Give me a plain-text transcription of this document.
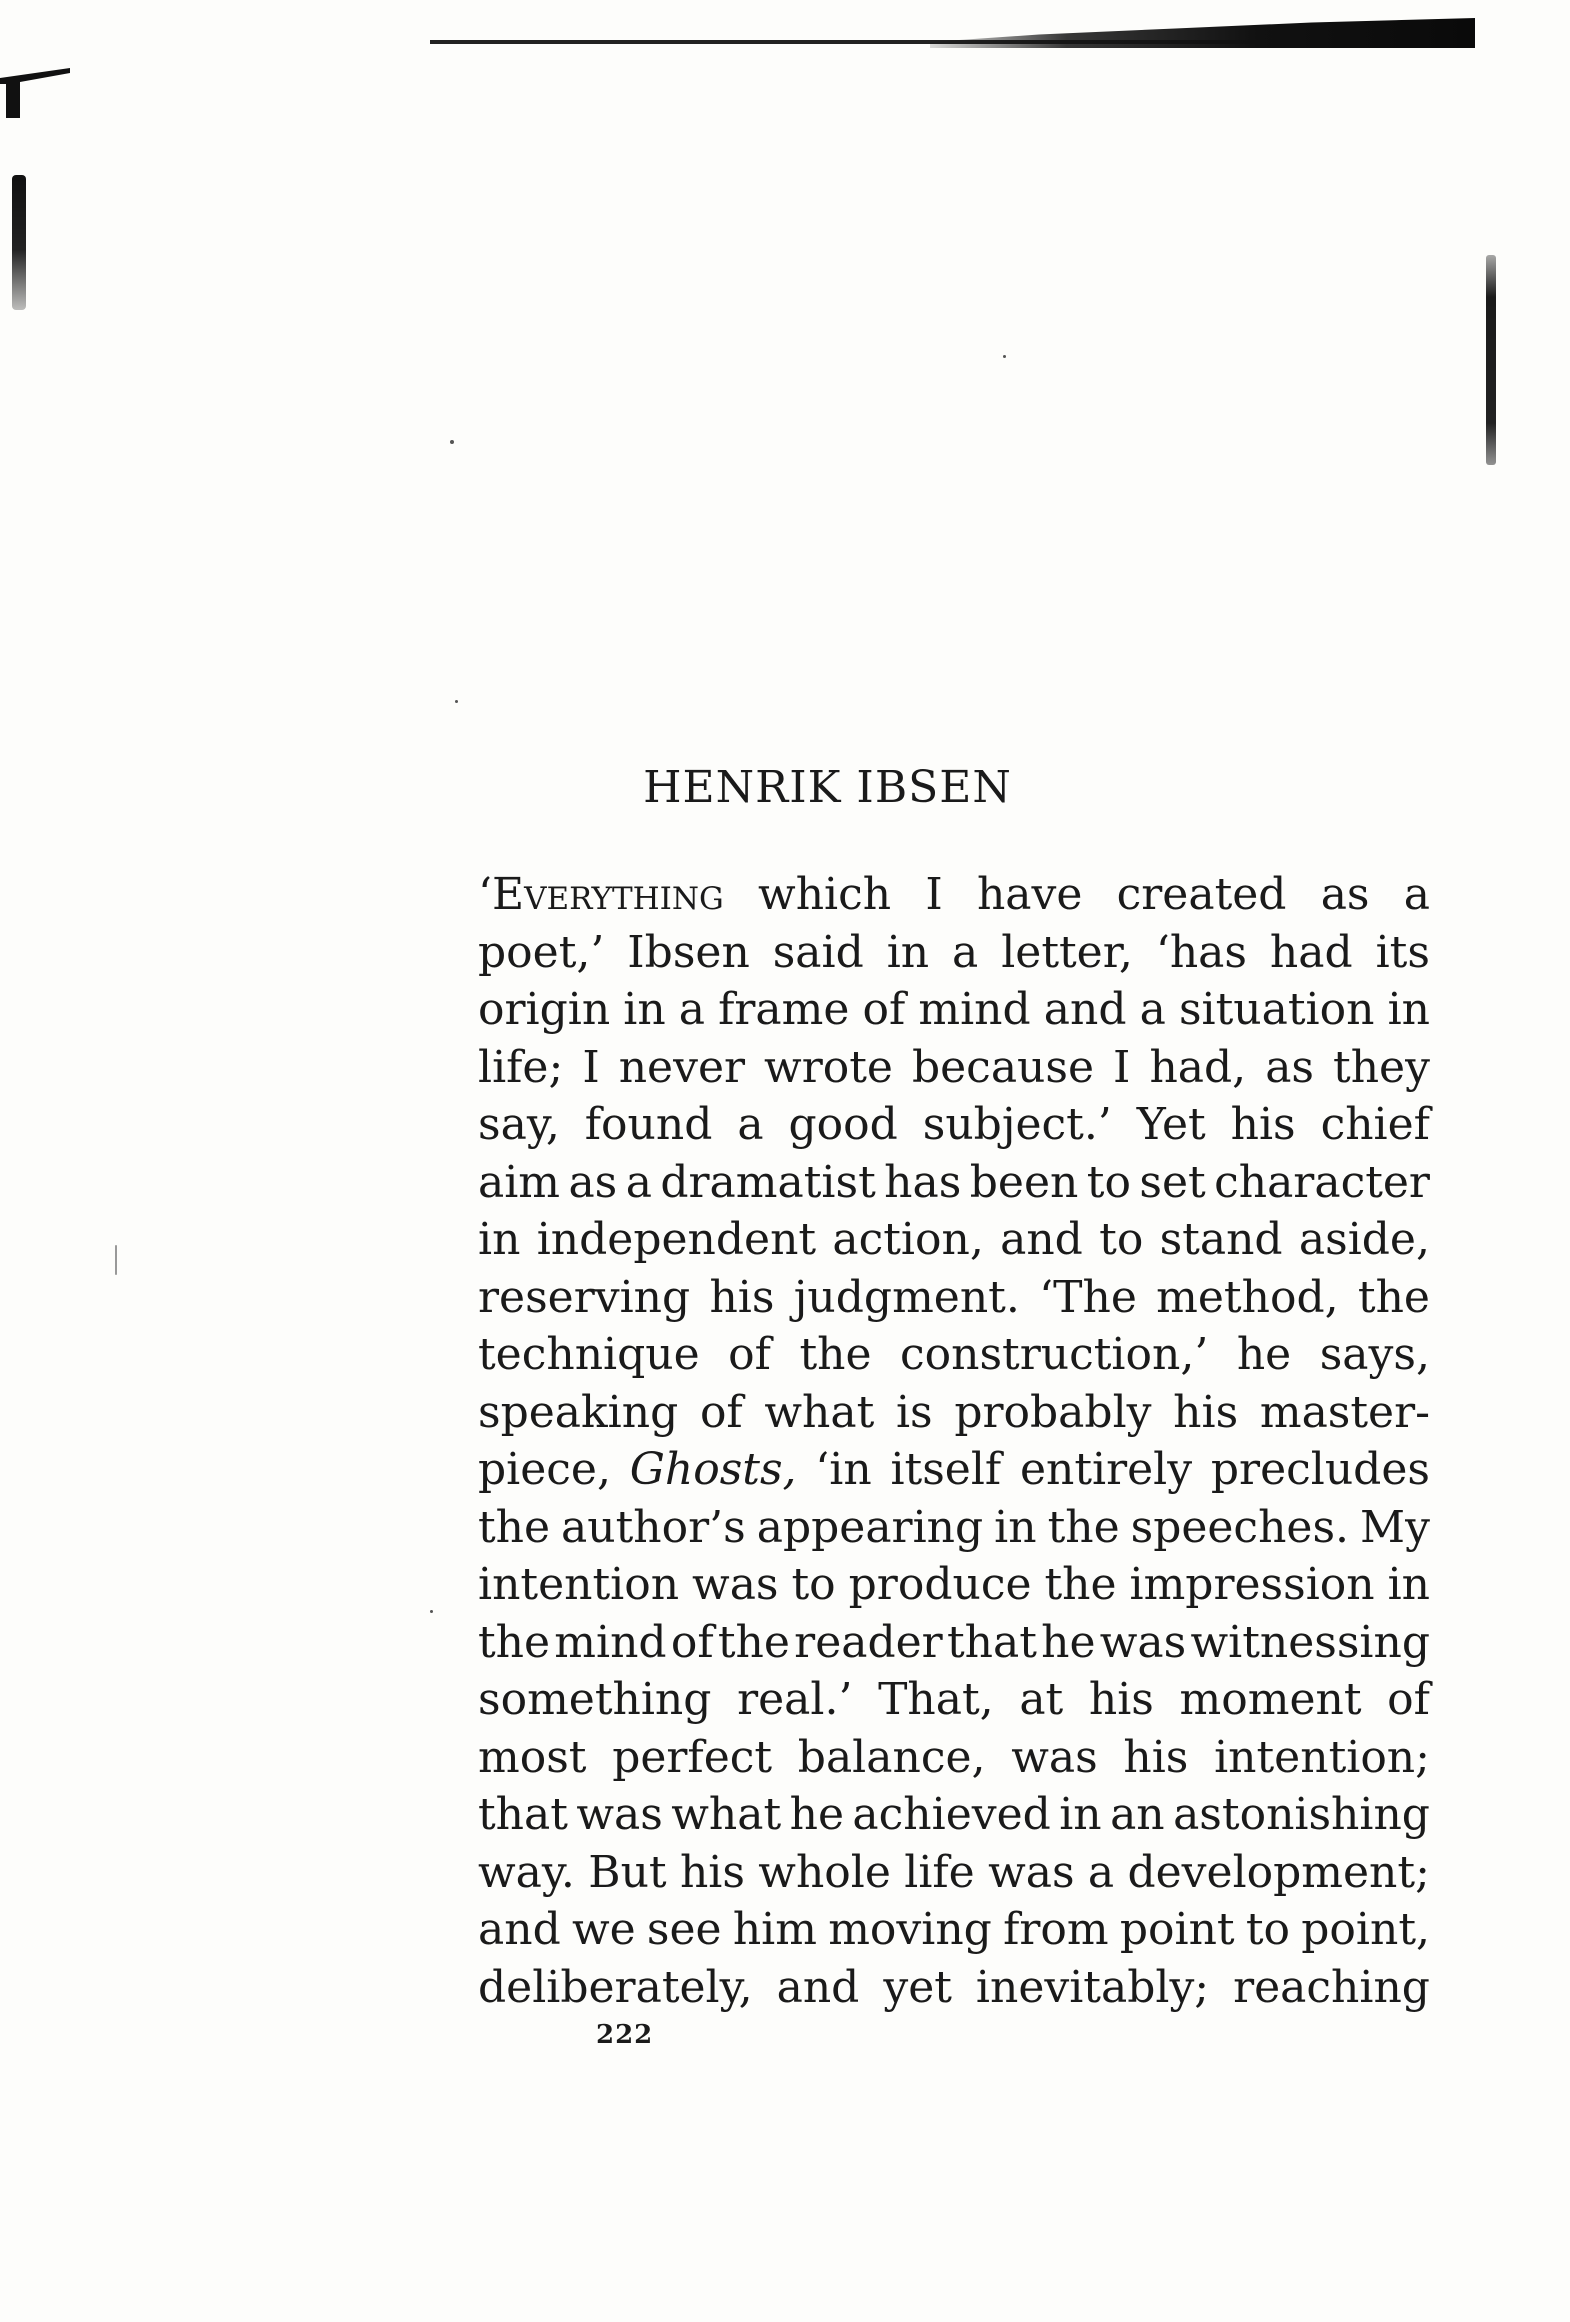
HENRIK IBSEN
‘Everything which I have created as a
poet,’ Ibsen said in a letter, ‘has had its
origin in a frame of mind and a situation in
life; I never wrote because I had, as they
say, found a good subject.’ Yet his chief
aim as a dramatist has been to set character
in independent action, and to stand aside,
reserving his judgment. ‘The method, the
technique of the construction,’ he says,
speaking of what is probably his master-
piece, Ghosts, ‘in itself entirely precludes
the author’s appearing in the speeches. My
intention was to produce the impression in
the mind of the reader that he was witnessing
something real.’ That, at his moment of
most perfect balance, was his intention;
that was what he achieved in an astonishing
way. But his whole life was a development;
and we see him moving from point to point,
deliberately, and yet inevitably; reaching
222
